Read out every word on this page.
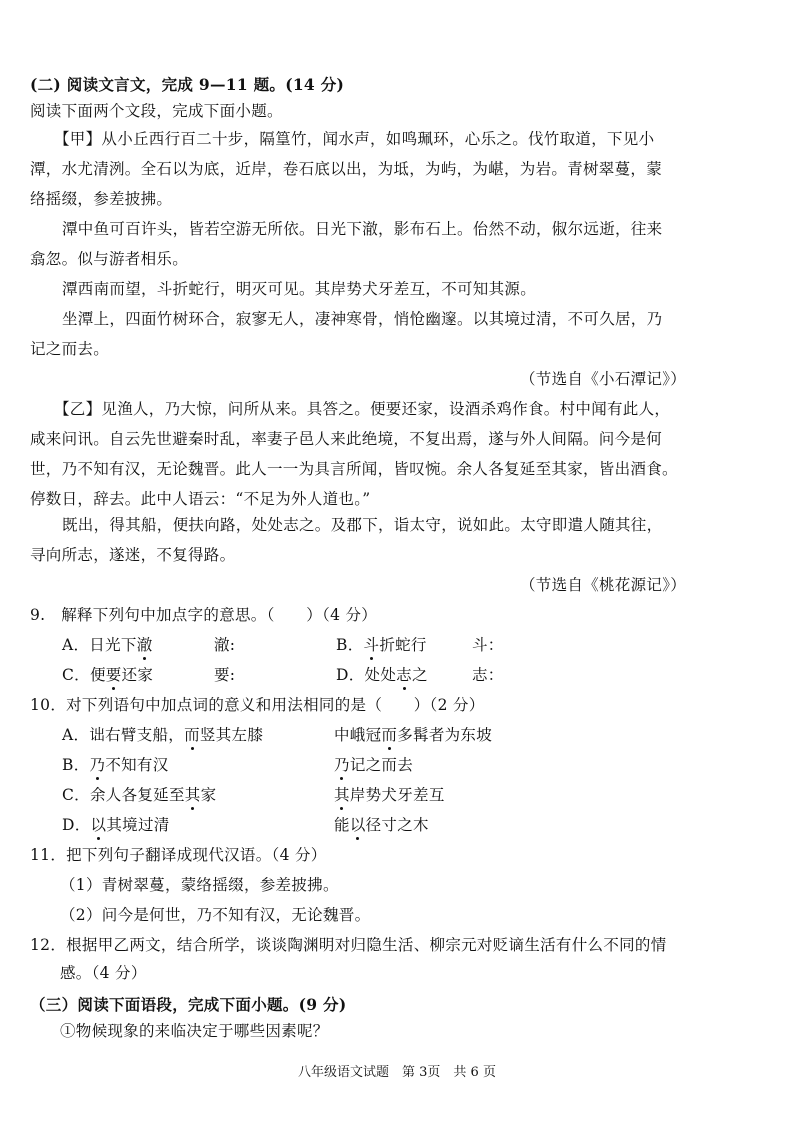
(二) 阅读文言文，完成 9—11 题。(14 分)
阅读下面两个文段，完成下面小题。
【甲】从小丘西行百二十步，隔篁竹，闻水声，如鸣珮环，心乐之。伐竹取道，下见小
潭，水尤清洌。全石以为底，近岸，卷石底以出，为坻，为屿，为嵁，为岩。青树翠蔓，蒙
络摇缀，参差披拂。
潭中鱼可百许头，皆若空游无所依。日光下澈，影布石上。佁然不动，俶尔远逝，往来
翕忽。似与游者相乐。
潭西南而望，斗折蛇行，明灭可见。其岸势犬牙差互，不可知其源。
坐潭上，四面竹树环合，寂寥无人，凄神寒骨，悄怆幽邃。以其境过清，不可久居，乃
记之而去。
（节选自《小石潭记》）
【乙】见渔人，乃大惊，问所从来。具答之。便要还家，设酒杀鸡作食。村中闻有此人，
咸来问讯。自云先世避秦时乱，率妻子邑人来此绝境，不复出焉，遂与外人间隔。问今是何
世，乃不知有汉，无论魏晋。此人一一为具言所闻，皆叹惋。余人各复延至其家，皆出酒食。
停数日，辞去。此中人语云：“不足为外人道也。”
既出，得其船，便扶向路，处处志之。及郡下，诣太守，说如此。太守即遣人随其往，
寻向所志，遂迷，不复得路。
（节选自《桃花源记》）
9.　解释下列句中加点字的意思。（　　）（4 分）
A．日光下澈	澈:	B．斗折蛇行	斗：
C．便要还家	要:	D．处处志之	志：
10．对下列语句中加点词的意义和用法相同的是（　　）（2 分）
A．诎右臂支船，而竖其左膝	中峨冠而多髯者为东坡
B．乃不知有汉	乃记之而去
C．余人各复延至其家	其岸势犬牙差互
D．以其境过清	能以径寸之木
11．把下列句子翻译成现代汉语。（4 分）
（1）青树翠蔓，蒙络摇缀，参差披拂。
（2）问今是何世，乃不知有汉，无论魏晋。
12．根据甲乙两文，结合所学，谈谈陶渊明对归隐生活、柳宗元对贬谪生活有什么不同的情
感。（4 分）
（三）阅读下面语段，完成下面小题。(9 分)
①物候现象的来临决定于哪些因素呢？
八年级语文试题　第 3页　共 6 页
